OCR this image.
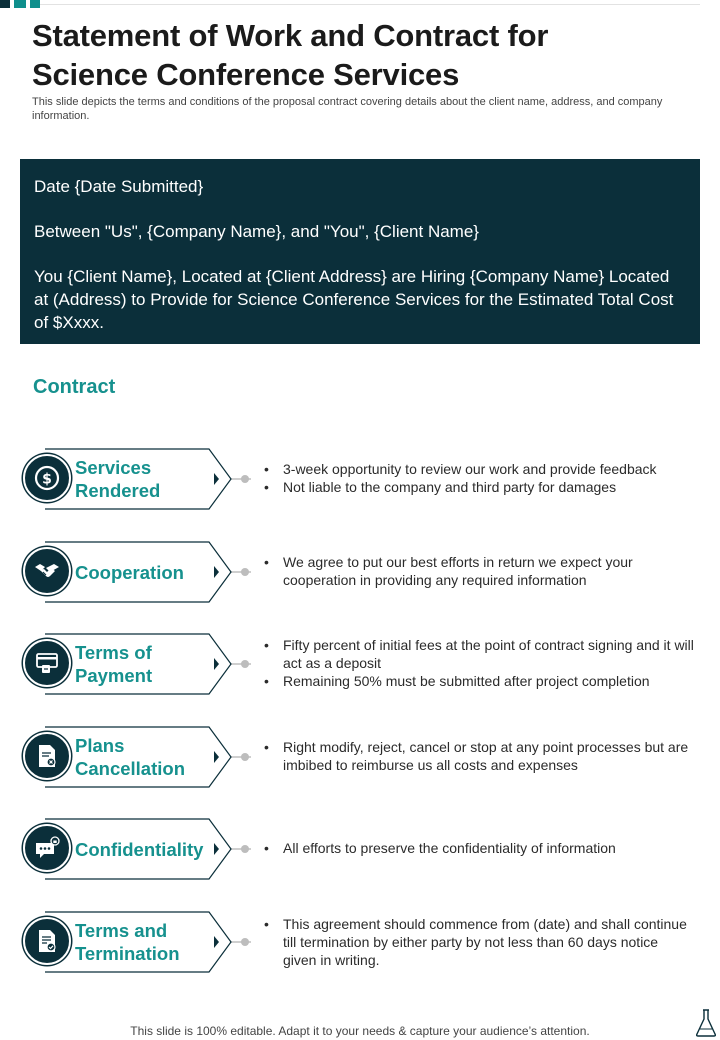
Statement of Work and Contract for Science Conference Services

This slide depicts the terms and conditions of the proposal contract covering details about the client name, address, and company information.

Date {Date Submitted}

Between "Us", {Company Name}, and "You", {Client Name}

You {Client Name}, Located at {Client Address} are Hiring {Company Name} Located at (Address) to Provide for Science Conference Services for the Estimated Total Cost of $Xxxx.

Contract
$
Services Rendered
• 3-week opportunity to review our work and provide feedback
• Not liable to the company and third party for damages
Cooperation	• We agree to put our best efforts in return we expect your cooperation in providing any required information
Terms of Payment
• Fifty percent of initial fees at the point of contract signing and it will act as a deposit
• Remaining 50% must be submitted after project completion
Plans Cancellation
• Right modify, reject, cancel or stop at any point processes but are imbibed to reimburse us all costs and expenses
Confidentiality	• All efforts to preserve the confidentiality of information
Terms and Termination
• This agreement should commence from (date) and shall continue till termination by either party by not less than 60 days notice given in writing.

This slide is 100% editable. Adapt it to your needs & capture your audience’s attention.
